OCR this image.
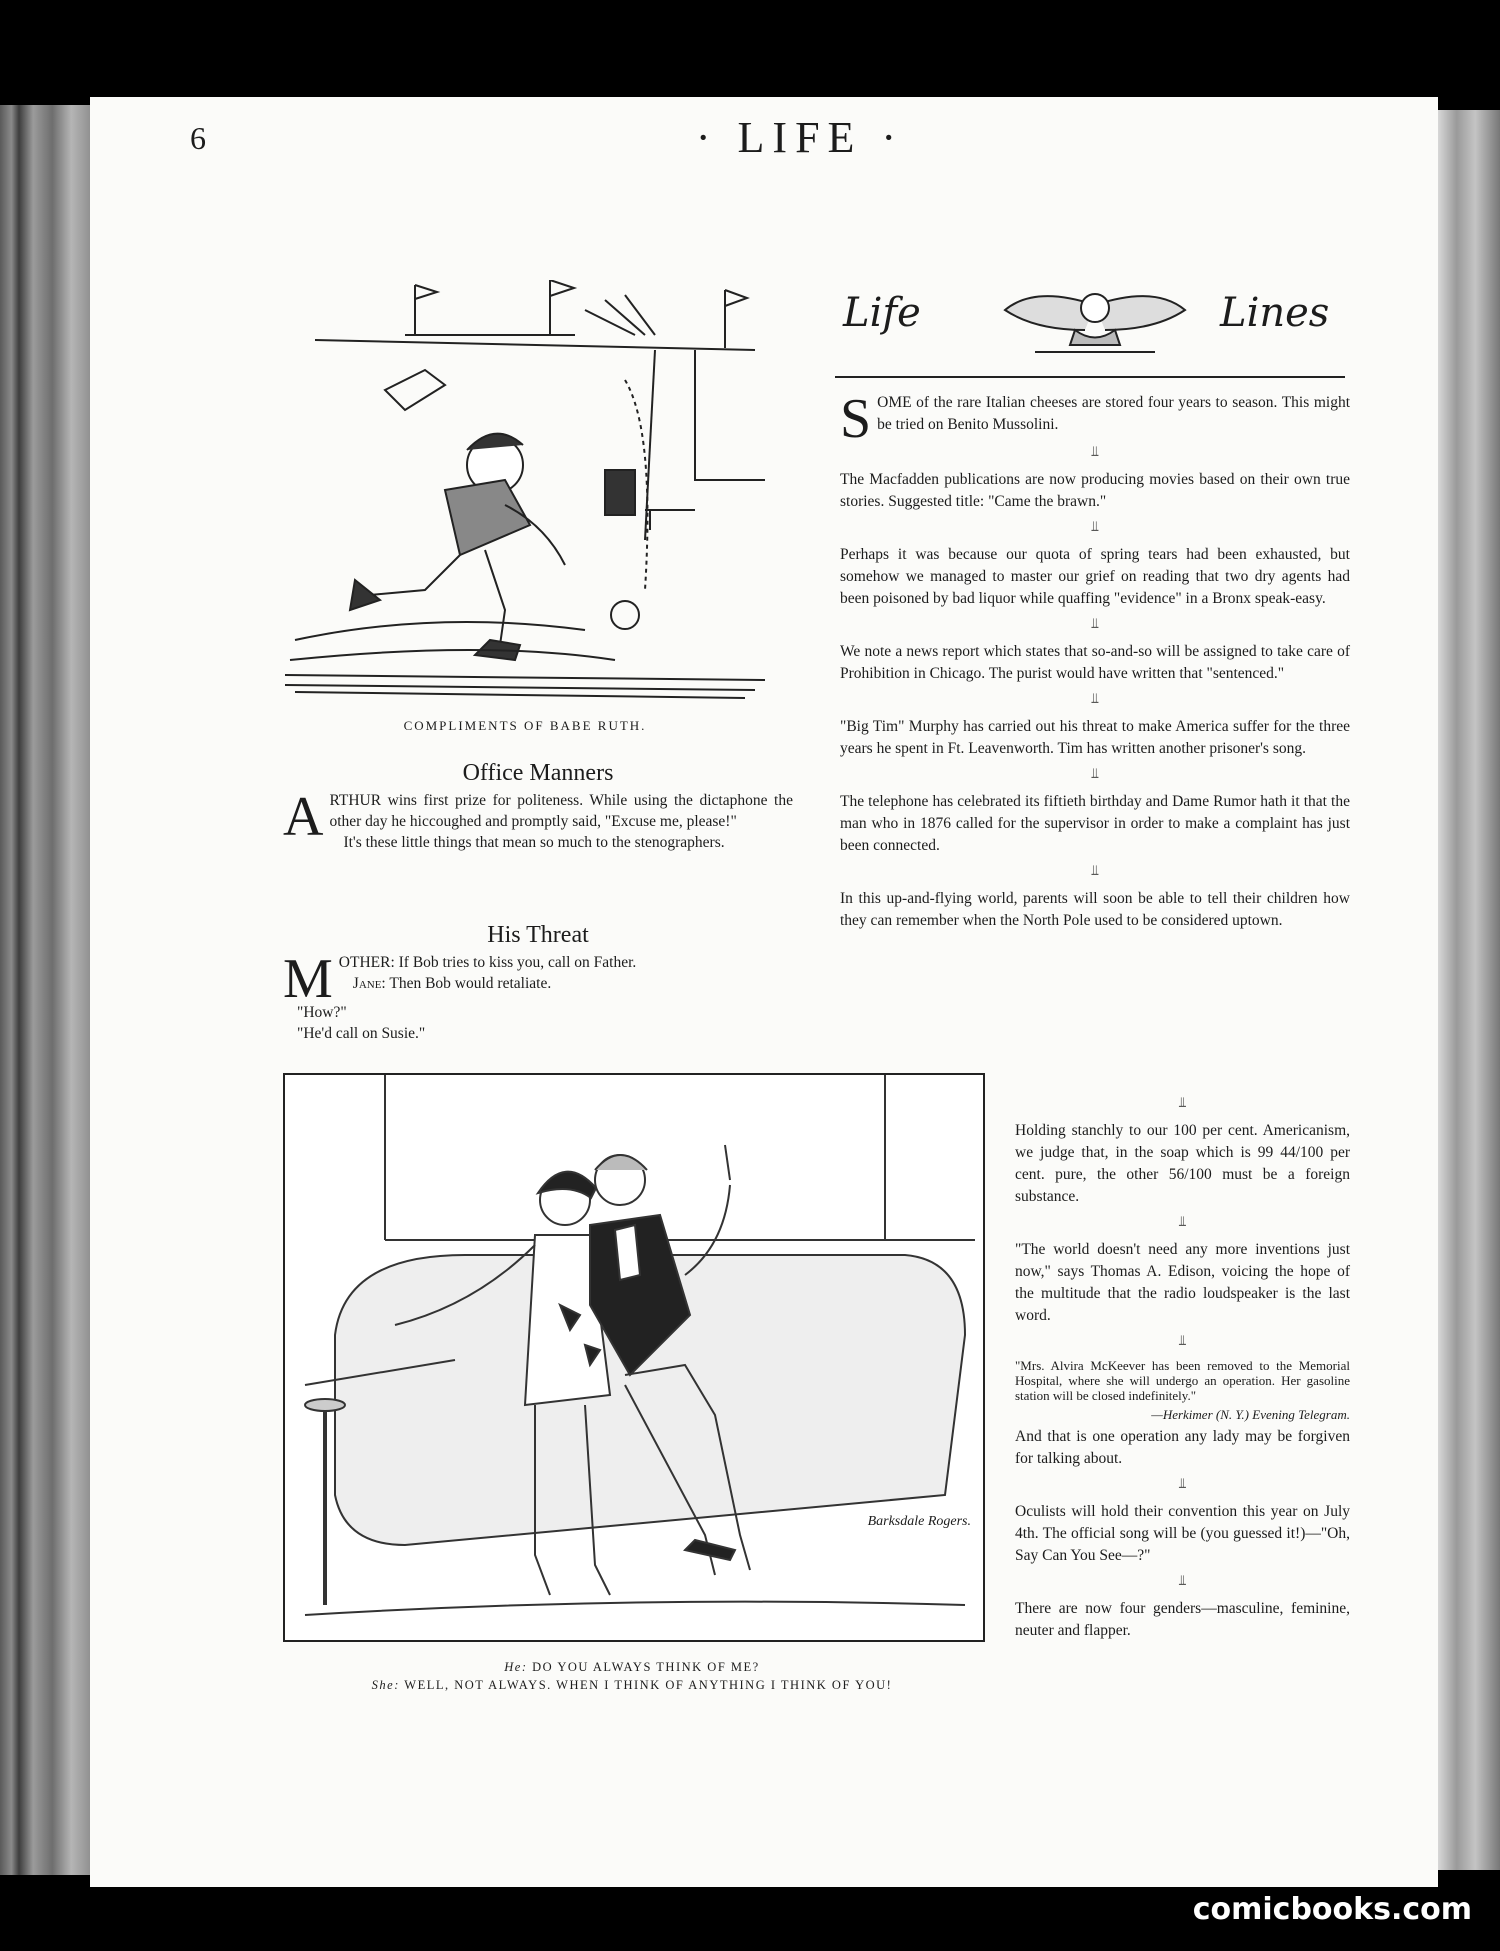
6	· LIFE ·
COMPLIMENTS OF BABE RUTH.
Office Manners

ARTHUR wins first prize for politeness. While using the dictaphone the other day he hiccoughed and promptly said, "Excuse me, please!"

It's these little things that mean so much to the stenographers.

His Threat

MOTHER: If Bob tries to kiss you, call on Father.
Jane: Then Bob would retaliate.

"How?"

"He'd call on Susie."

Barksdale Rogers.
He: DO YOU ALWAYS THINK OF ME?
She: WELL, NOT ALWAYS. WHEN I THINK OF ANYTHING I THINK OF YOU!
Life	Lines

SOME of the rare Italian cheeses are stored four years to season. This might be tried on Benito Mussolini.

⫫

The Macfadden publications are now producing movies based on their own true stories. Suggested title: "Came the brawn."

⫫

Perhaps it was because our quota of spring tears had been exhausted, but somehow we managed to master our grief on reading that two dry agents had been poisoned by bad liquor while quaffing "evidence" in a Bronx speak-easy.

⫫

We note a news report which states that so-and-so will be assigned to take care of Prohibition in Chicago. The purist would have written that "sentenced."

⫫

"Big Tim" Murphy has carried out his threat to make America suffer for the three years he spent in Ft. Leavenworth. Tim has written another prisoner's song.

⫫

The telephone has celebrated its fiftieth birthday and Dame Rumor hath it that the man who in 1876 called for the supervisor in order to make a complaint has just been connected.

⫫

In this up-and-flying world, parents will soon be able to tell their children how they can remember when the North Pole used to be considered uptown.

⫫

Holding stanchly to our 100 per cent. Americanism, we judge that, in the soap which is 99 44/100 per cent. pure, the other 56/100 must be a foreign substance.

⫫

"The world doesn't need any more inventions just now," says Thomas A. Edison, voicing the hope of the multitude that the radio loudspeaker is the last word.

⫫

"Mrs. Alvira McKeever has been removed to the Memorial Hospital, where she will undergo an operation. Her gasoline station will be closed indefinitely."

—Herkimer (N. Y.) Evening Telegram.

And that is one operation any lady may be forgiven for talking about.

⫫

Oculists will hold their convention this year on July 4th. The official song will be (you guessed it!)—"Oh, Say Can You See—?"

⫫

There are now four genders—masculine, feminine, neuter and flapper.

comicbooks.com
